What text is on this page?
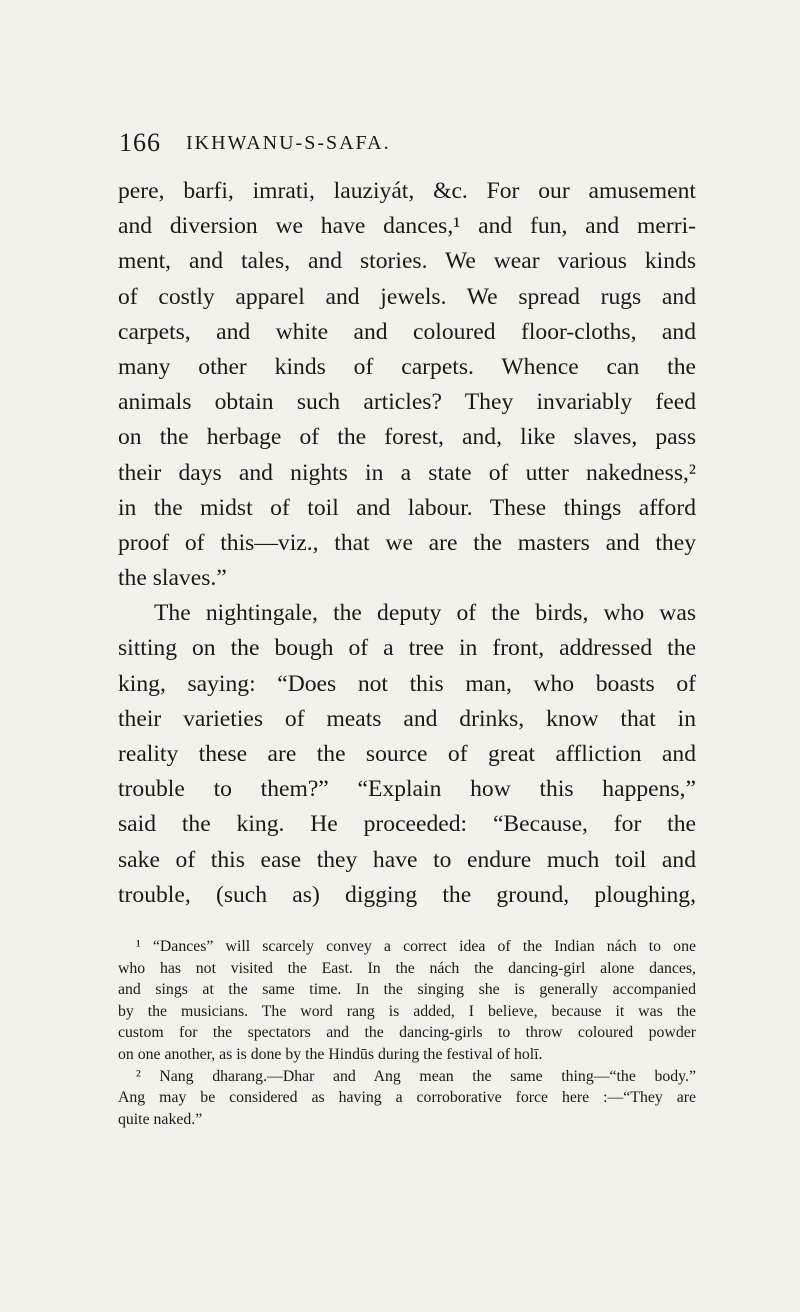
166 IKHWANU-S-SAFA.
pere, barfi, imrati, lauziyát, &c. For our amusement
and diversion we have dances,¹ and fun, and merri-
ment, and tales, and stories. We wear various kinds
of costly apparel and jewels. We spread rugs and
carpets, and white and coloured floor-cloths, and
many other kinds of carpets. Whence can the
animals obtain such articles? They invariably feed
on the herbage of the forest, and, like slaves, pass
their days and nights in a state of utter nakedness,²
in the midst of toil and labour. These things afford
proof of this—viz., that we are the masters and they
the slaves.”
The nightingale, the deputy of the birds, who was
sitting on the bough of a tree in front, addressed the
king, saying: “Does not this man, who boasts of
their varieties of meats and drinks, know that in
reality these are the source of great affliction and
trouble to them?” “Explain how this happens,”
said the king. He proceeded: “Because, for the
sake of this ease they have to endure much toil and
trouble, (such as) digging the ground, ploughing,
¹ “Dances” will scarcely convey a correct idea of the Indian nách to one
who has not visited the East. In the nách the dancing-girl alone dances,
and sings at the same time. In the singing she is generally accompanied
by the musicians. The word rang is added, I believe, because it was the
custom for the spectators and the dancing-girls to throw coloured powder
on one another, as is done by the Hindūs during the festival of holī.
² Nang dharang.—Dhar and Ang mean the same thing—“the body.”
Ang may be considered as having a corroborative force here :—“They are
quite naked.”
